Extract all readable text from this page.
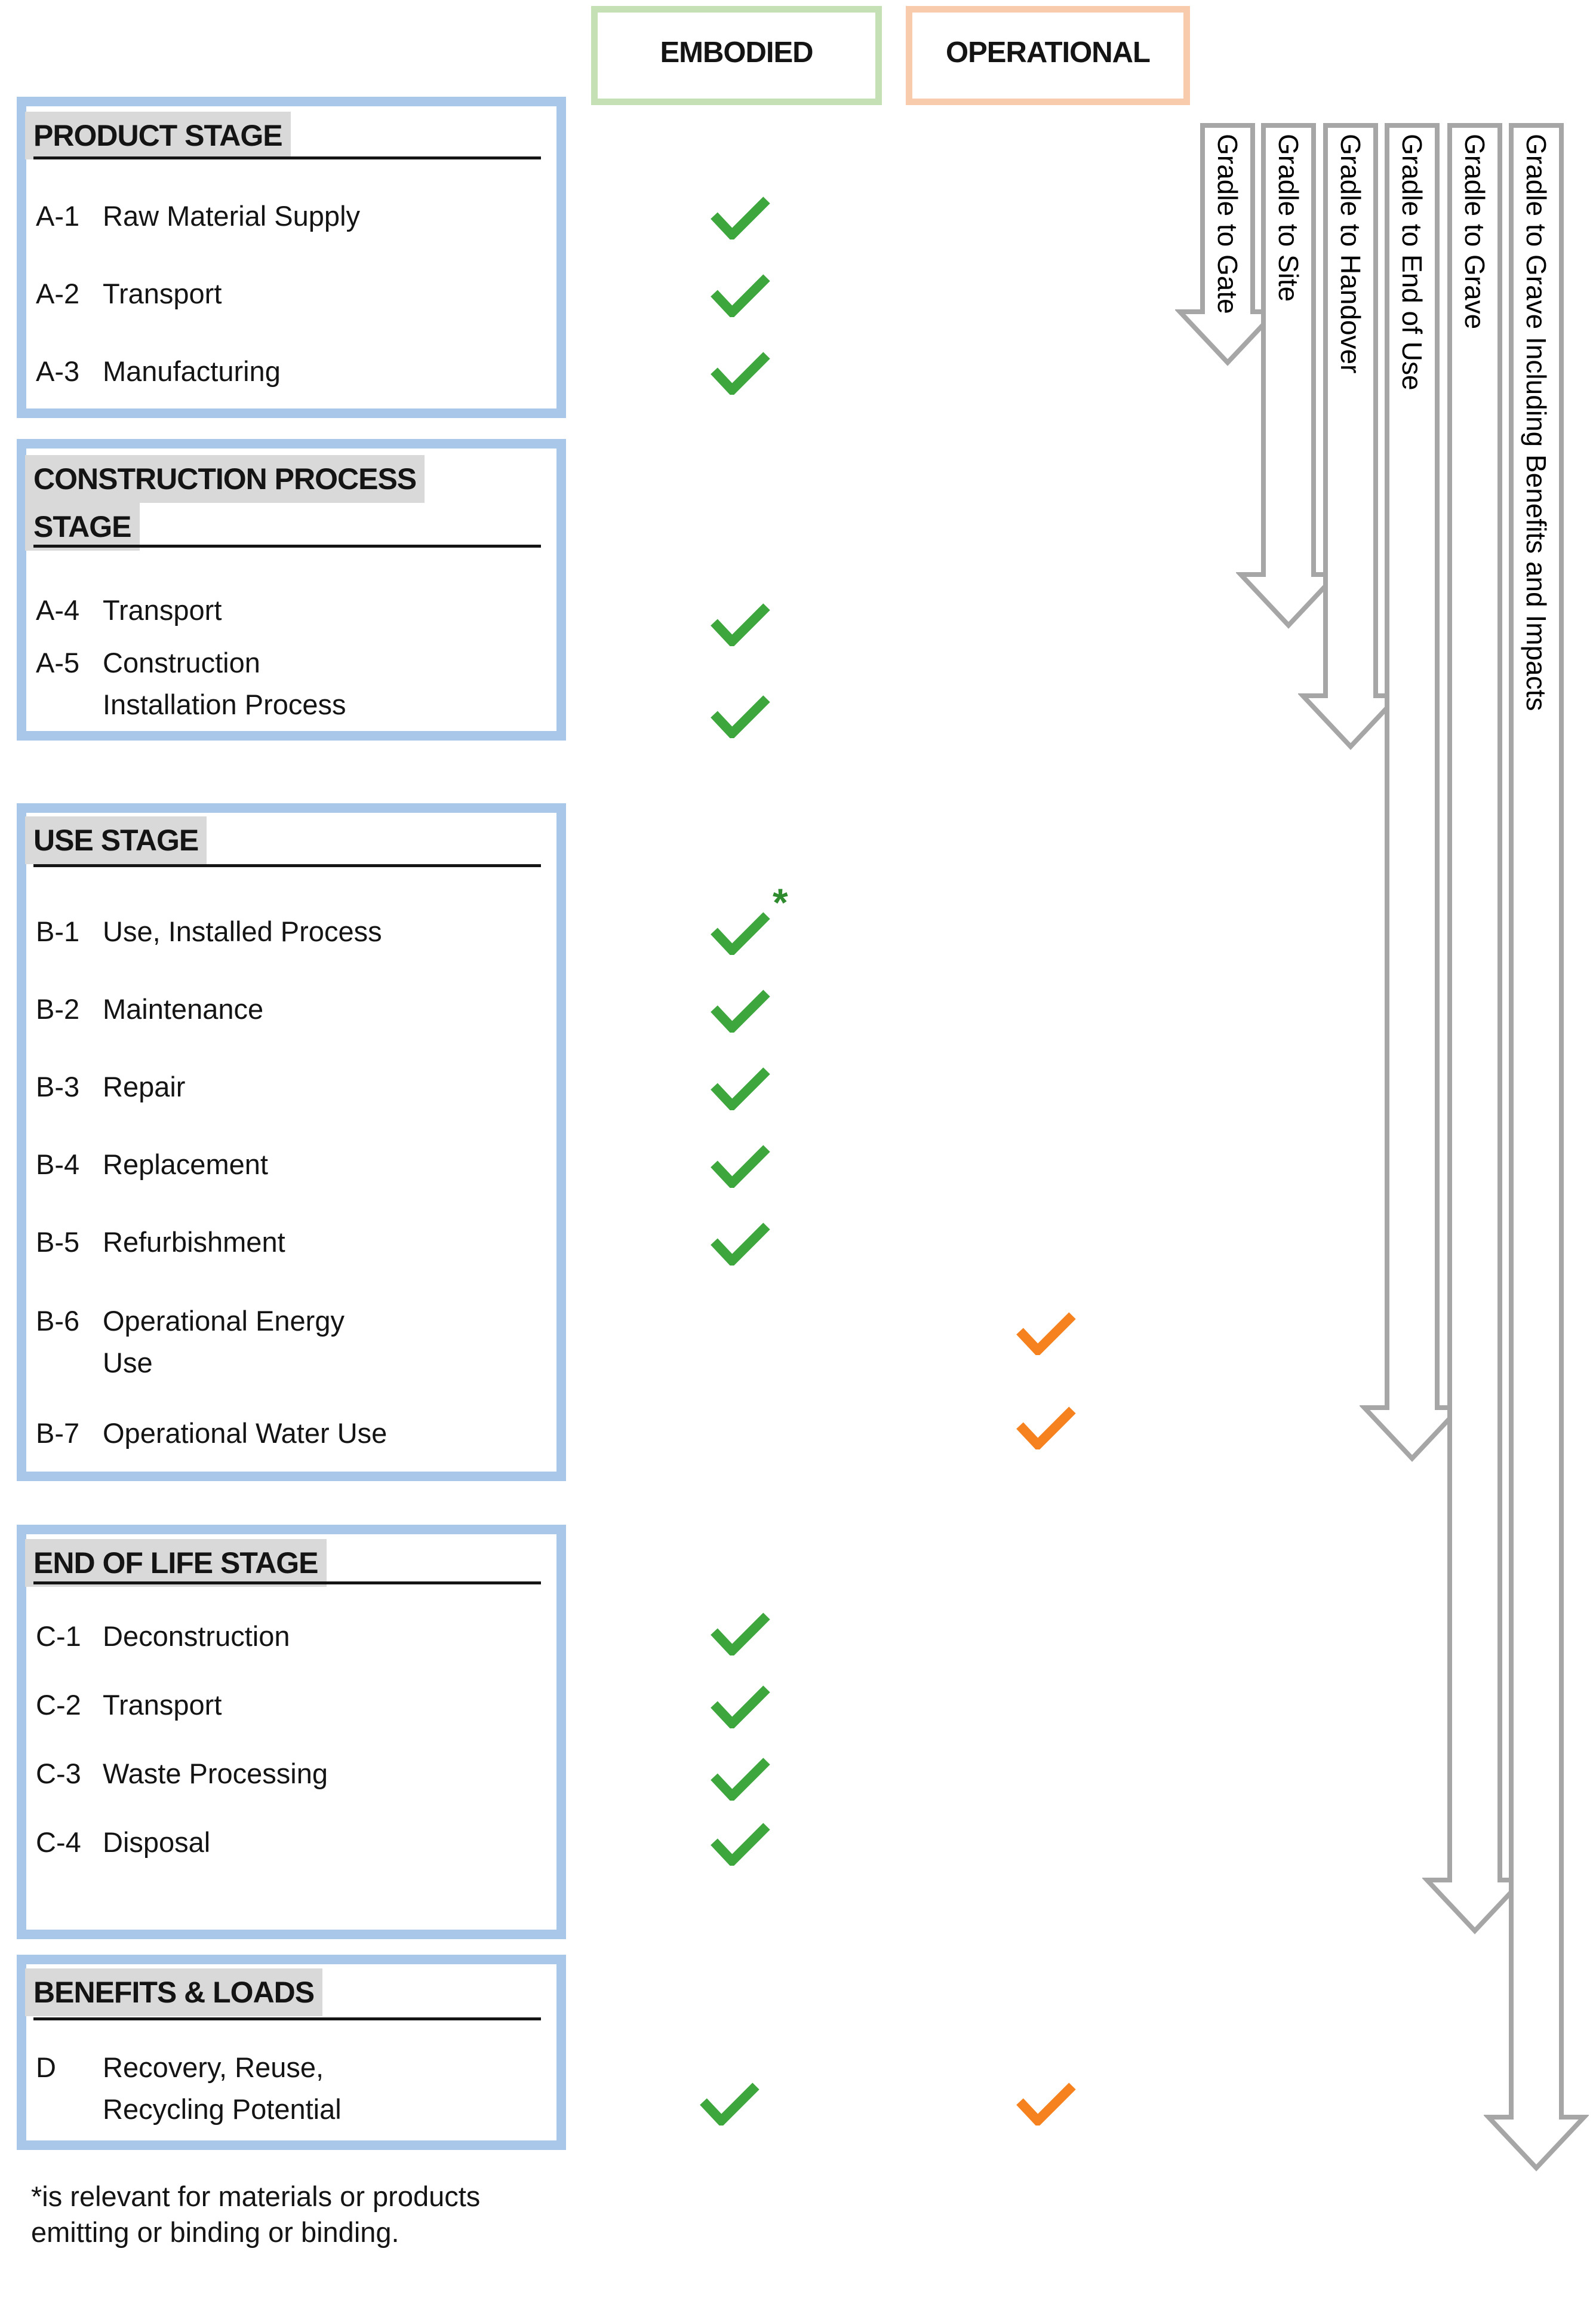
EMBODIED	OPERATIONAL
PRODUCT STAGE
CONSTRUCTION PROCESS
STAGE
USE STAGE
END OF LIFE STAGE
BENEFITS & LOADS
A-1 Raw Material Supply
A-2 Transport
A-3 Manufacturing
A-4 Transport
A-5 Construction
Installation Process
B-1 Use, Installed Process
B-2 Maintenance
B-3 Repair
B-4 Replacement
B-5 Refurbishment
B-6 Operational Energy
Use
B-7 Operational Water Use
C-1 Deconstruction
C-2 Transport
C-3 Waste Processing
C-4 Disposal
D	Recovery, Reuse,
Recycling Potential
*
Gradle to Gate Gradle to Site Gradle to Handover Gradle to End of Use Gradle to Grave Gradle to Grave Including Benefits and Impacts
*is relevant for materials or products
emitting or binding or binding.
